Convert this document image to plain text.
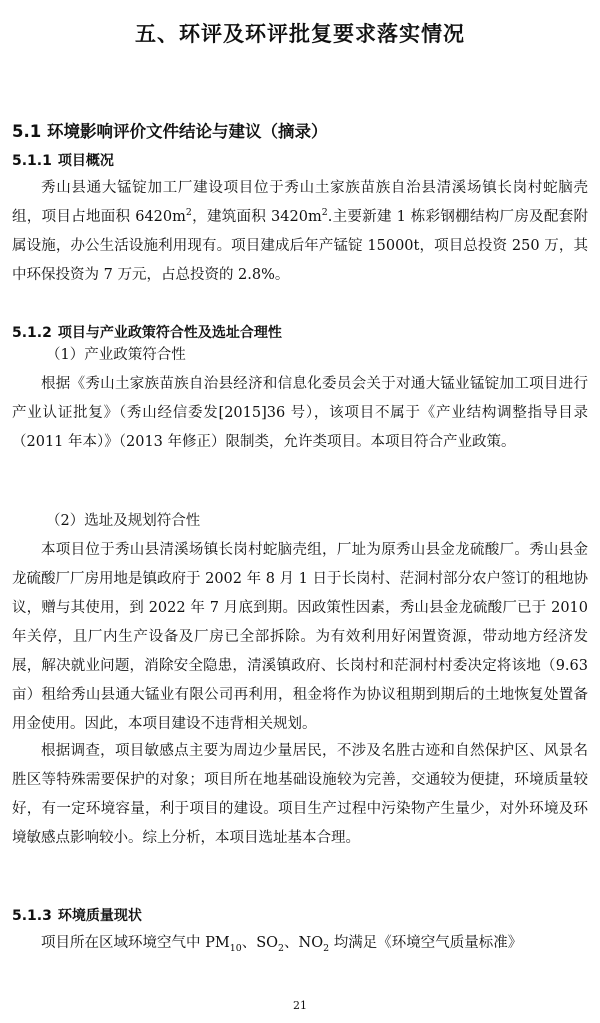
五、环评及环评批复要求落实情况
5.1 环境影响评价文件结论与建议（摘录）
5.1.1 项目概况

秀山县通大锰锭加工厂建设项目位于秀山土家族苗族自治县清溪场镇长岗村蛇脑壳组，项目占地面积 $6420m^2$，建筑面积 $3420m^2$.主要新建 1 栋彩钢棚结构厂房及配套附属设施，办公生活设施利用现有。项目建成后年产锰锭 15000t，项目总投资 250 万，其中环保投资为 7 万元，占总投资的 2.8%。

5.1.2 项目与产业政策符合性及选址合理性
（1）产业政策符合性

根据《秀山土家族苗族自治县经济和信息化委员会关于对通大锰业锰锭加工项目进行产业认证批复》（秀山经信委发[2015]36 号），该项目不属于《产业结构调整指导目录（2011 年本）》（2013 年修正）限制类，允许类项目。本项目符合产业政策。

（2）选址及规划符合性

本项目位于秀山县清溪场镇长岗村蛇脑壳组，厂址为原秀山县金龙硫酸厂。秀山县金龙硫酸厂厂房用地是镇政府于 2002 年 8 月 1 日于长岗村、茫洞村部分农户签订的租地协议，赠与其使用，到 2022 年 7 月底到期。因政策性因素，秀山县金龙硫酸厂已于 2010 年关停，且厂内生产设备及厂房已全部拆除。为有效利用好闲置资源，带动地方经济发展，解决就业问题，消除安全隐患，清溪镇政府、长岗村和茫洞村村委决定将该地（9.63 亩）租给秀山县通大锰业有限公司再利用，租金将作为协议租期到期后的土地恢复处置备用金使用。因此，本项目建设不违背相关规划。

根据调查，项目敏感点主要为周边少量居民，不涉及名胜古迹和自然保护区、风景名胜区等特殊需要保护的对象；项目所在地基础设施较为完善，交通较为便捷，环境质量较好，有一定环境容量，利于项目的建设。项目生产过程中污染物产生量少，对外环境及环境敏感点影响较小。综上分析，本项目选址基本合理。

5.1.3 环境质量现状

项目所在区域环境空气中 $PM_{10}$、$SO_2$、$NO_2$ 均满足《环境空气质量标准》

21
